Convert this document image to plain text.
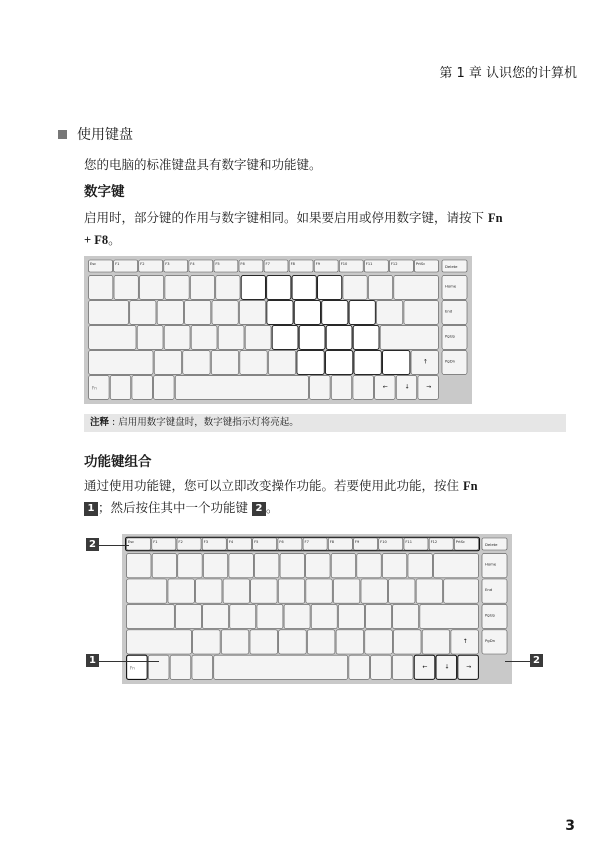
第 1 章 认识您的计算机
使用键盘
您的电脑的标准键盘具有数字键和功能键。
数字键
启用时，部分键的作用与数字键相同。如果要启用或停用数字键，请按下 Fn
+ F8。
Esc	F1	F2	F3	F4	F5	F6	F7	F8	F9	F10	F11	F12	PrtSc	Delete
Home
End
PgUp
↑	PgDn
Fn	←	↓	→
注释 : 启用用数字键盘时，数字键指示灯将亮起。
功能键组合
通过使用功能键，您可以立即改变操作功能。若要使用此功能，按住 Fn
1 ；然后按住其中一个功能键 2 。
Esc	F1	F2	F3	F4	F5	F6	F7	F8	F9	F10	F11	F12	PrtSc	Delete
Home
End
PgUp
↑	PgDn
Fn	←	↓	→
2
1	2
3
